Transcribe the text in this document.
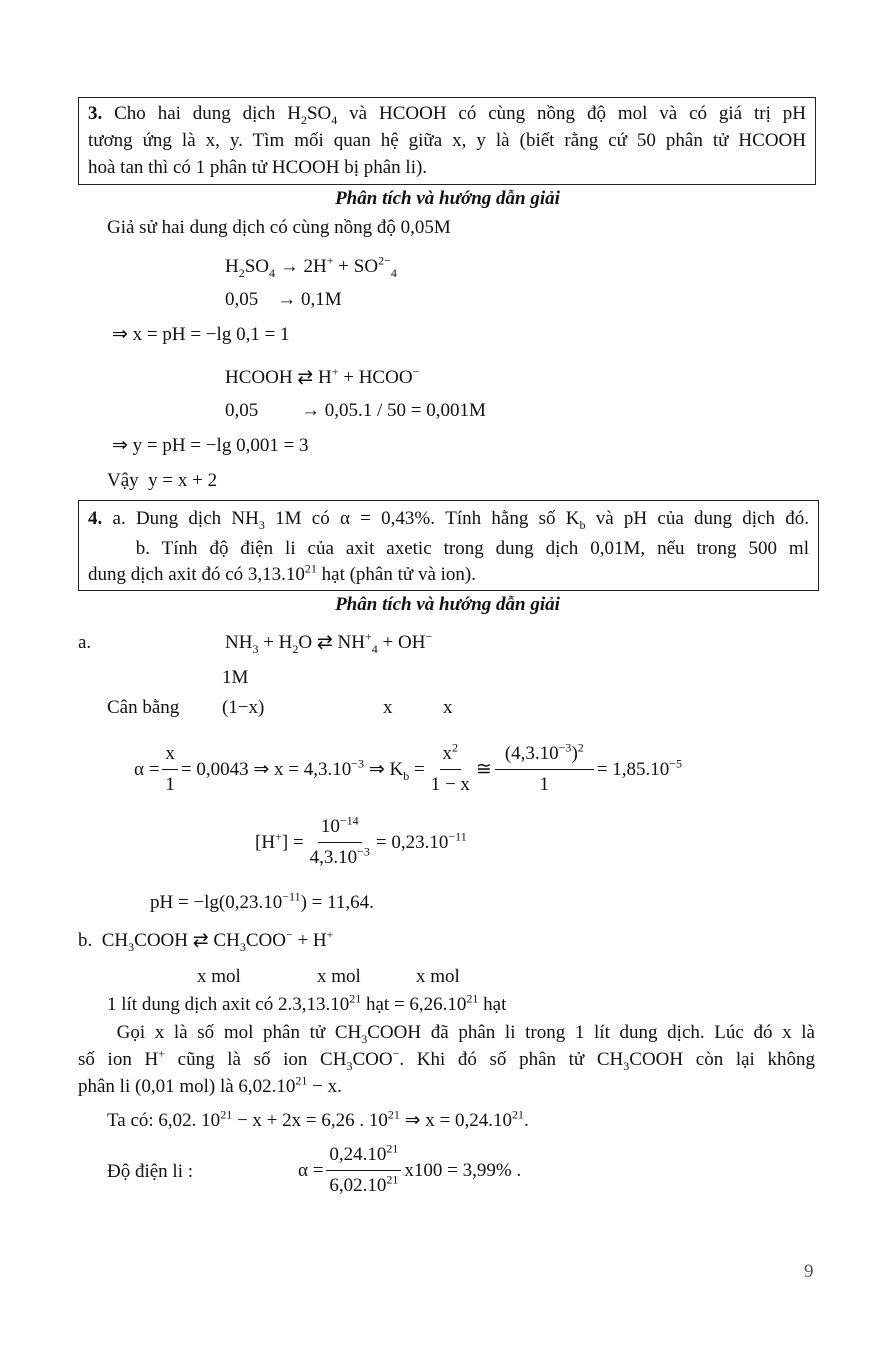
3. Cho hai dung dịch $H_2SO_4$ và HCOOH có cùng nồng độ mol và có giá trị pH
tương ứng là x, y. Tìm mối quan hệ giữa x, y là (biết rằng cứ 50 phân tử HCOOH
hoà tan thì có 1 phân tử HCOOH bị phân li).
Phân tích và hướng dẫn giải
Giả sử hai dung dịch có cùng nồng độ 0,05M
$H_2SO_4 \to 2H^+ + SO^{2-}_4$
0,05    → 0,1M
⇒ x = pH = −lg 0,1 = 1
HCOOH ⇄ H+ + HCOO−
0,05         → 0,05.1 / 50 = 0,001M
⇒ y = pH = −lg 0,001 = 3
Vậy  y = x + 2
4. a. Dung dịch $NH_3$ 1M có α = 0,43%. Tính hằng số $K_b$ và pH của dung dịch đó.
b. Tính độ điện li của axit axetic trong dung dịch 0,01M, nếu trong 500 ml
dung dịch axit đó có 3,13.10$^{21}$ hạt (phân tử và ion).
Phân tích và hướng dẫn giải
a.	$NH_3 + H_2O$ ⇄ $NH^+_4 + OH^-$
1M
Cân bằng (1−x)	x	x
$\alpha = \frac{x}{1} = 0,0043$ ⇒ $x = 4,3.10^{-3}$ ⇒ $K_b = \frac{x^2}{1 - x}$ ≅ $\frac{(4,3.10^{-3})^2}{1} = 1,85.10^{-5}$
$[H^+] = \frac{10^{-14}}{4,3.10^{-3}} = 0,23.10^{-11}$
pH = $-\lg(0,23.10^{-11}) = 11,64$.
b.  $CH_3COOH$ ⇄ $CH_3COO^- + H^+$
x mol	x mol	x mol
1 lít dung dịch axit có 2.3,13.10$^{21}$ hạt = $6,26.10^{21}$ hạt
Gọi x là số mol phân tử $CH_3COOH$ đã phân li trong 1 lít dung dịch. Lúc đó x là
số ion H+ cũng là số ion $CH_3COO^-$. Khi đó số phân tử $CH_3COOH$ còn lại không
phân li (0,01 mol) là $6,02.10^{21} - x$.
Ta có: 6,02. $10^{21} - x + 2x = 6,26$ . $10^{21}$ ⇒ $x = 0,24.10^{21}$.
Độ điện li :	$\alpha = \frac{0,24.10^{21}}{6,02.10^{21}} x100 = 3,99\%$ .
9
